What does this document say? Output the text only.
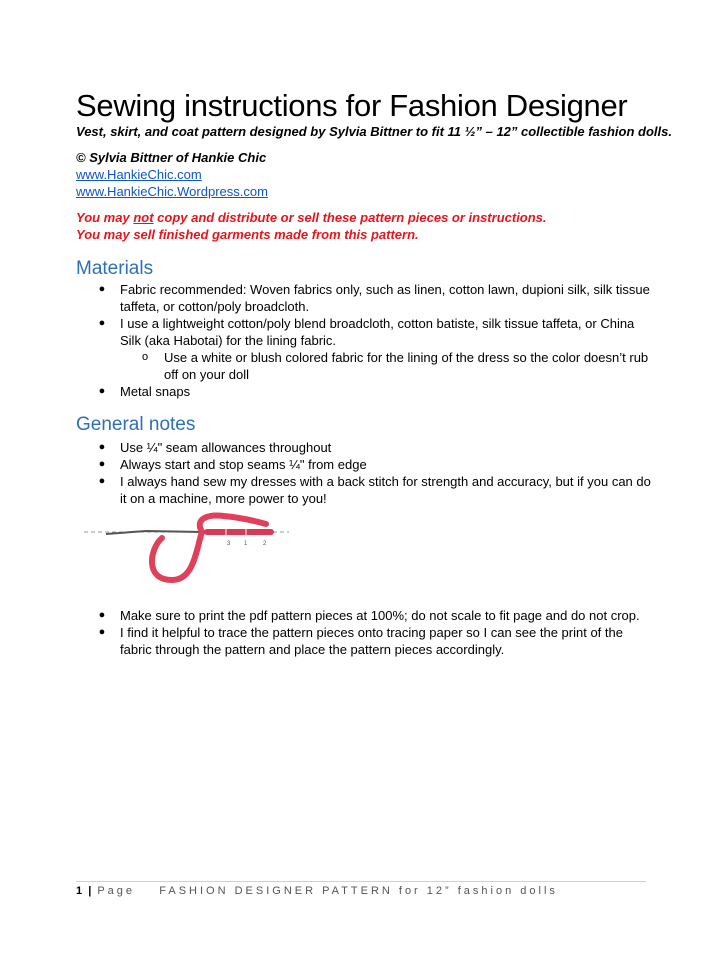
Sewing instructions for Fashion Designer
Vest, skirt, and coat pattern designed by Sylvia Bittner to fit 11 ½” – 12” collectible fashion dolls.
© Sylvia Bittner of Hankie Chic
www.HankieChic.com
www.HankieChic.Wordpress.com
You may not copy and distribute or sell these pattern pieces or instructions.
You may sell finished garments made from this pattern.
Materials
● Fabric recommended: Woven fabrics only, such as linen, cotton lawn, dupioni silk, silk tissue taffeta, or cotton/poly broadcloth.
● I use a lightweight cotton/poly blend broadcloth, cotton batiste, silk tissue taffeta, or China Silk (aka Habotai) for the lining fabric.
o Use a white or blush colored fabric for the lining of the dress so the color doesn’t rub off on your doll
● Metal snaps
General notes
● Use ¼" seam allowances throughout
● Always start and stop seams ¼" from edge
● I always hand sew my dresses with a back stitch for strength and accuracy, but if you can do it on a machine, more power to you!
3 1	2
● Make sure to print the pdf pattern pieces at 100%; do not scale to fit page and do not crop.
● I find it helpful to trace the pattern pieces onto tracing paper so I can see the print of the fabric through the pattern and place the pattern pieces accordingly.
1 | Page FASHION DESIGNER PATTERN for 12” fashion dolls
